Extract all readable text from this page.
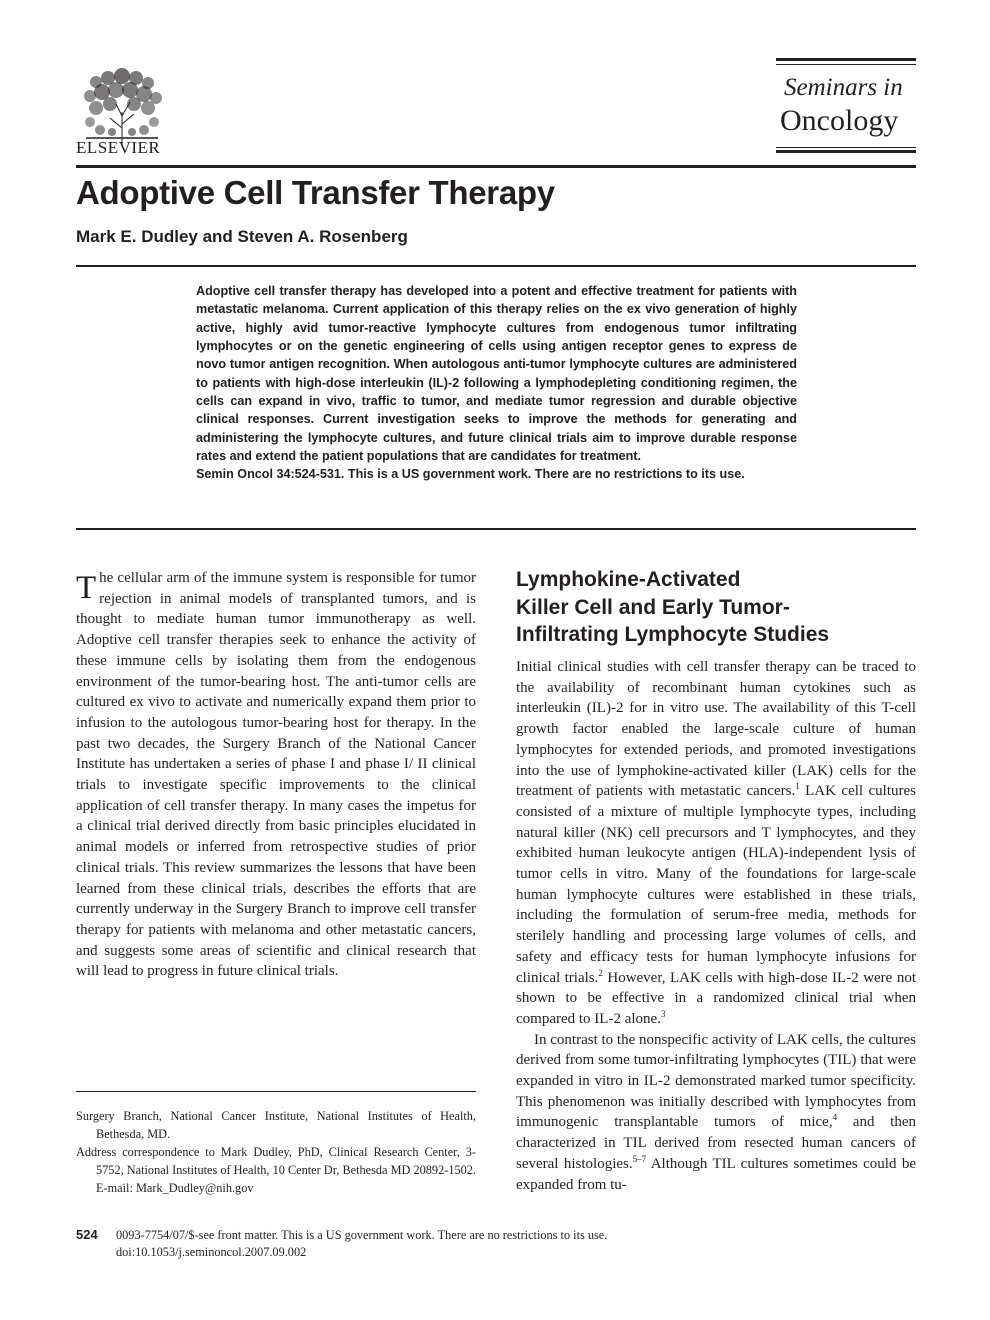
ELSEVIER
Seminars in
Oncology
Adoptive Cell Transfer Therapy
Mark E. Dudley and Steven A. Rosenberg

Adoptive cell transfer therapy has developed into a potent and effective treatment for patients with metastatic melanoma. Current application of this therapy relies on the ex vivo generation of highly active, highly avid tumor-reactive lymphocyte cultures from endogenous tumor infiltrating lymphocytes or on the genetic engineering of cells using antigen receptor genes to express de novo tumor antigen recognition. When autologous anti-tumor lymphocyte cultures are administered to patients with high-dose interleukin (IL)-2 following a lymphodepleting conditioning regimen, the cells can expand in vivo, traffic to tumor, and mediate tumor regression and durable objective clinical responses. Current investigation seeks to improve the methods for generating and administering the lymphocyte cultures, and future clinical trials aim to improve durable response rates and extend the patient populations that are candidates for treatment.

Semin Oncol 34:524-531. This is a US government work. There are no restrictions to its use.

The cellular arm of the immune system is responsible for tumor rejection in animal models of transplanted tumors, and is thought to mediate human tumor immunotherapy as well. Adoptive cell transfer therapies seek to enhance the activity of these immune cells by isolating them from the endogenous environment of the tumor-bearing host. The anti-tumor cells are cultured ex vivo to activate and numerically expand them prior to infusion to the autologous tumor-bearing host for therapy. In the past two decades, the Surgery Branch of the National Cancer Institute has undertaken a series of phase I and phase I/ II clinical trials to investigate specific improvements to the clinical application of cell transfer therapy. In many cases the impetus for a clinical trial derived directly from basic principles elucidated in animal models or inferred from retrospective studies of prior clinical trials. This review summarizes the lessons that have been learned from these clinical trials, describes the efforts that are currently underway in the Surgery Branch to improve cell transfer therapy for patients with melanoma and other metastatic cancers, and suggests some areas of scientific and clinical research that will lead to progress in future clinical trials.

Surgery Branch, National Cancer Institute, National Institutes of Health, Bethesda, MD.

Address correspondence to Mark Dudley, PhD, Clinical Research Center, 3-5752, National Institutes of Health, 10 Center Dr, Bethesda MD 20892-1502. E-mail: Mark_Dudley@nih.gov

Lymphokine-Activated
Killer Cell and Early Tumor-
Infiltrating Lymphocyte Studies

Initial clinical studies with cell transfer therapy can be traced to the availability of recombinant human cytokines such as interleukin (IL)-2 for in vitro use. The availability of this T-cell growth factor enabled the large-scale culture of human lymphocytes for extended periods, and promoted investigations into the use of lymphokine-activated killer (LAK) cells for the treatment of patients with metastatic cancers.$^1$ LAK cell cultures consisted of a mixture of multiple lymphocyte types, including natural killer (NK) cell precursors and T lymphocytes, and they exhibited human leukocyte antigen (HLA)-independent lysis of tumor cells in vitro. Many of the foundations for large-scale human lymphocyte cultures were established in these trials, including the formulation of serum-free media, methods for sterilely handling and processing large volumes of cells, and safety and efficacy tests for human lymphocyte infusions for clinical trials.$^2$ However, LAK cells with high-dose IL-2 were not shown to be effective in a randomized clinical trial when compared to IL-2 alone.$^3$

In contrast to the nonspecific activity of LAK cells, the cultures derived from some tumor-infiltrating lymphocytes (TIL) that were expanded in vitro in IL-2 demonstrated marked tumor specificity. This phenomenon was initially described with lymphocytes from immunogenic transplantable tumors of mice,$^4$ and then characterized in TIL derived from resected human cancers of several histologies.$^{5-7}$ Although TIL cultures sometimes could be expanded from tu-

524 0093-7754/07/$-see front matter. This is a US government work. There are no restrictions to its use.
doi:10.1053/j.seminoncol.2007.09.002
